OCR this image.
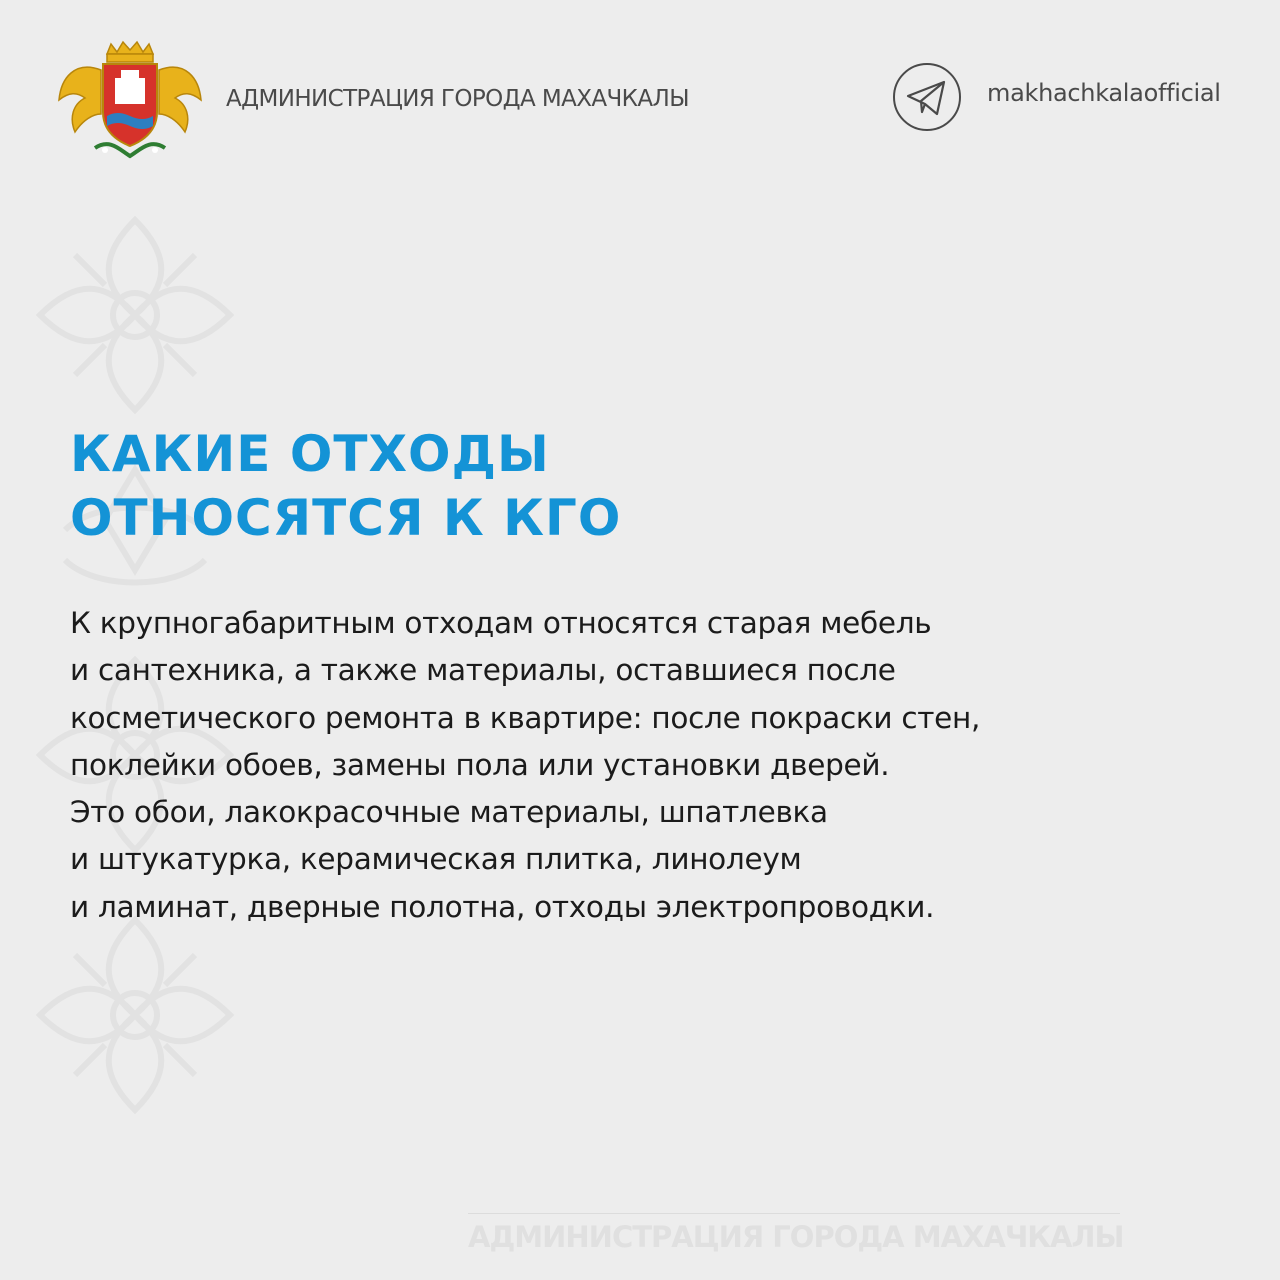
АДМИНИСТРАЦИЯ ГОРОДА МАХАЧКАЛЫ	makhachkalaofficial
КАКИЕ ОТХОДЫ
ОТНОСЯТСЯ К КГО

К крупногабаритным отходам относятся старая мебель
и сантехника, а также материалы, оставшиеся после
косметического ремонта в квартире: после покраски стен,
поклейки обоев, замены пола или установки дверей.
Это обои, лакокрасочные материалы, шпатлевка
и штукатурка, керамическая плитка, линолеум
и ламинат, дверные полотна, отходы электропроводки.

АДМИНИСТРАЦИЯ ГОРОДА МАХАЧКАЛЫ
